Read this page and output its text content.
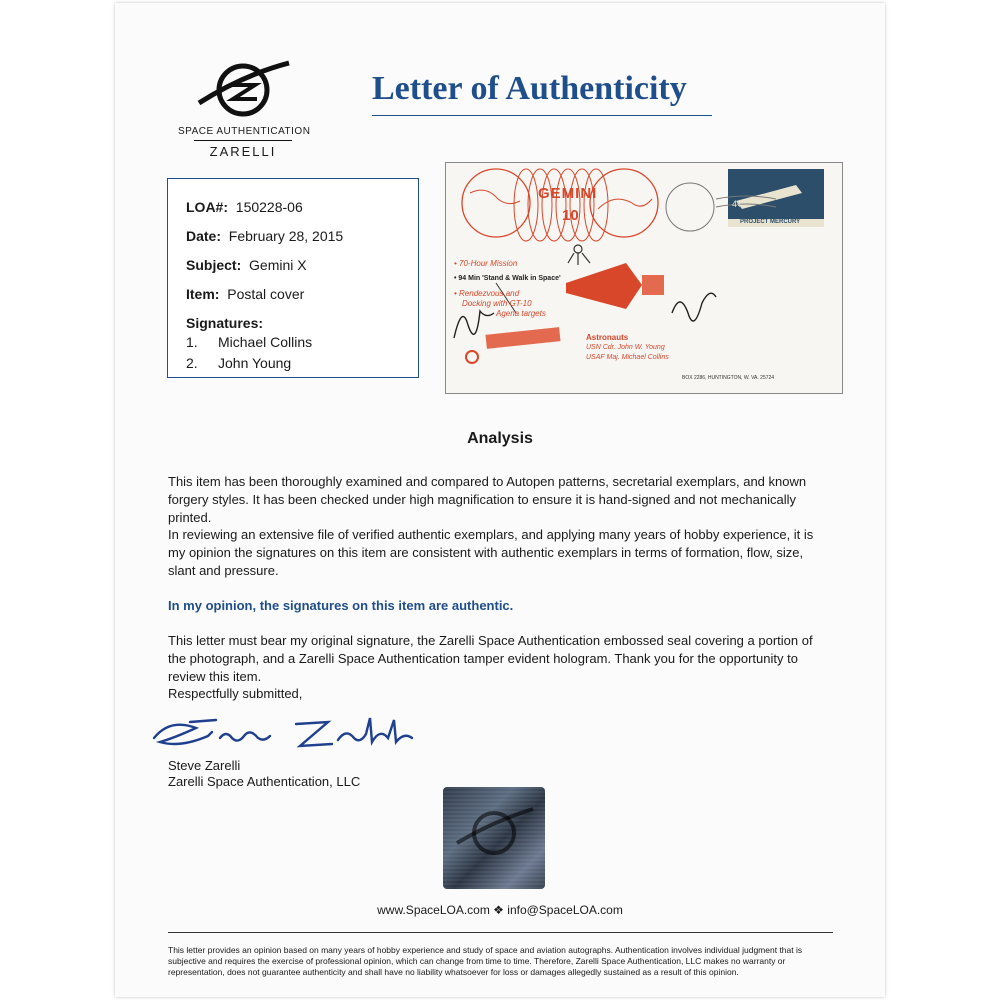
SPACE AUTHENTICATION
ZARELLI
Letter of Authenticity
LOA#: 150228-06
Date: February 28, 2015
Subject: Gemini X
Item: Postal cover
Signatures:
1. Michael Collins
2. John Young
GEMINI
10
• 70-Hour Mission
• 94 Min 'Stand & Walk in Space'
• Rendezvous and
Docking with GT-10
Agena targets
Astronauts
USN Cdr. John W. Young
USAF Maj. Michael Collins
4¢
PROJECT MERCURY
BOX 2286, HUNTINGTON, W. VA. 25724
Analysis
This item has been thoroughly examined and compared to Autopen patterns, secretarial exemplars, and known forgery styles. It has been checked under high magnification to ensure it is hand-signed and not mechanically printed.
In reviewing an extensive file of verified authentic exemplars, and applying many years of hobby experience, it is my opinion the signatures on this item are consistent with authentic exemplars in terms of formation, flow, size, slant and pressure.
In my opinion, the signatures on this item are authentic.
This letter must bear my original signature, the Zarelli Space Authentication embossed seal covering a portion of the photograph, and a Zarelli Space Authentication tamper evident hologram. Thank you for the opportunity to review this item.
Respectfully submitted,
Steve Zarelli
Zarelli Space Authentication, LLC
www.SpaceLOA.com ❖ info@SpaceLOA.com
This letter provides an opinion based on many years of hobby experience and study of space and aviation autographs. Authentication involves individual judgment that is subjective and requires the exercise of professional opinion, which can change from time to time. Therefore, Zarelli Space Authentication, LLC makes no warranty or representation, does not guarantee authenticity and shall have no liability whatsoever for loss or damages allegedly sustained as a result of this opinion.
